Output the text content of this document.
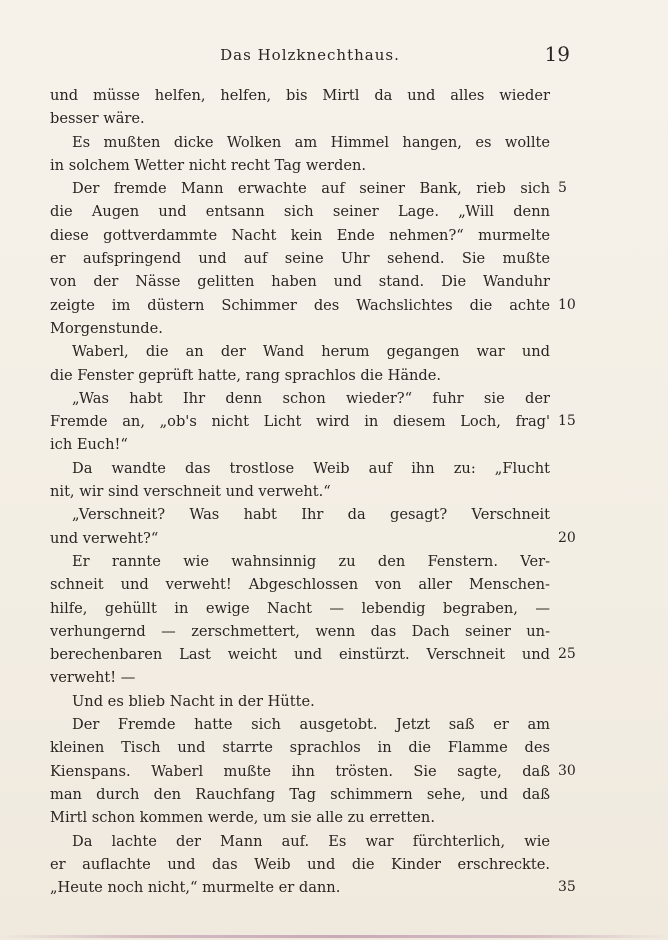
Das Holzknechthaus.	19
und müsse helfen, helfen, bis Mirtl da und alles wieder
besser wäre.
Es mußten dicke Wolken am Himmel hangen, es wollte
in solchem Wetter nicht recht Tag werden.
Der fremde Mann erwachte auf seiner Bank, rieb sich 5
die Augen und entsann sich seiner Lage. „Will denn
diese gottverdammte Nacht kein Ende nehmen?“ murmelte
er aufspringend und auf seine Uhr sehend. Sie mußte
von der Nässe gelitten haben und stand. Die Wanduhr
zeigte im düstern Schimmer des Wachslichtes die achte 10
Morgenstunde.
Waberl, die an der Wand herum gegangen war und
die Fenster geprüft hatte, rang sprachlos die Hände.
„Was habt Ihr denn schon wieder?“ fuhr sie der
Fremde an, „ob's nicht Licht wird in diesem Loch, frag' 15
ich Euch!“
Da wandte das trostlose Weib auf ihn zu: „Flucht
nit, wir sind verschneit und verweht.“
„Verschneit? Was habt Ihr da gesagt? Verschneit
und verweht?“	20
Er rannte wie wahnsinnig zu den Fenstern. Ver-
schneit und verweht! Abgeschlossen von aller Menschen-
hilfe, gehüllt in ewige Nacht — lebendig begraben, —
verhungernd — zerschmettert, wenn das Dach seiner un-
berechenbaren Last weicht und einstürzt. Verschneit und 25
verweht! —
Und es blieb Nacht in der Hütte.
Der Fremde hatte sich ausgetobt. Jetzt saß er am
kleinen Tisch und starrte sprachlos in die Flamme des
Kienspans. Waberl mußte ihn trösten. Sie sagte, daß 30
man durch den Rauchfang Tag schimmern sehe, und daß
Mirtl schon kommen werde, um sie alle zu erretten.
Da lachte der Mann auf. Es war fürchterlich, wie
er auflachte und das Weib und die Kinder erschreckte.
„Heute noch nicht,“ murmelte er dann.	35
